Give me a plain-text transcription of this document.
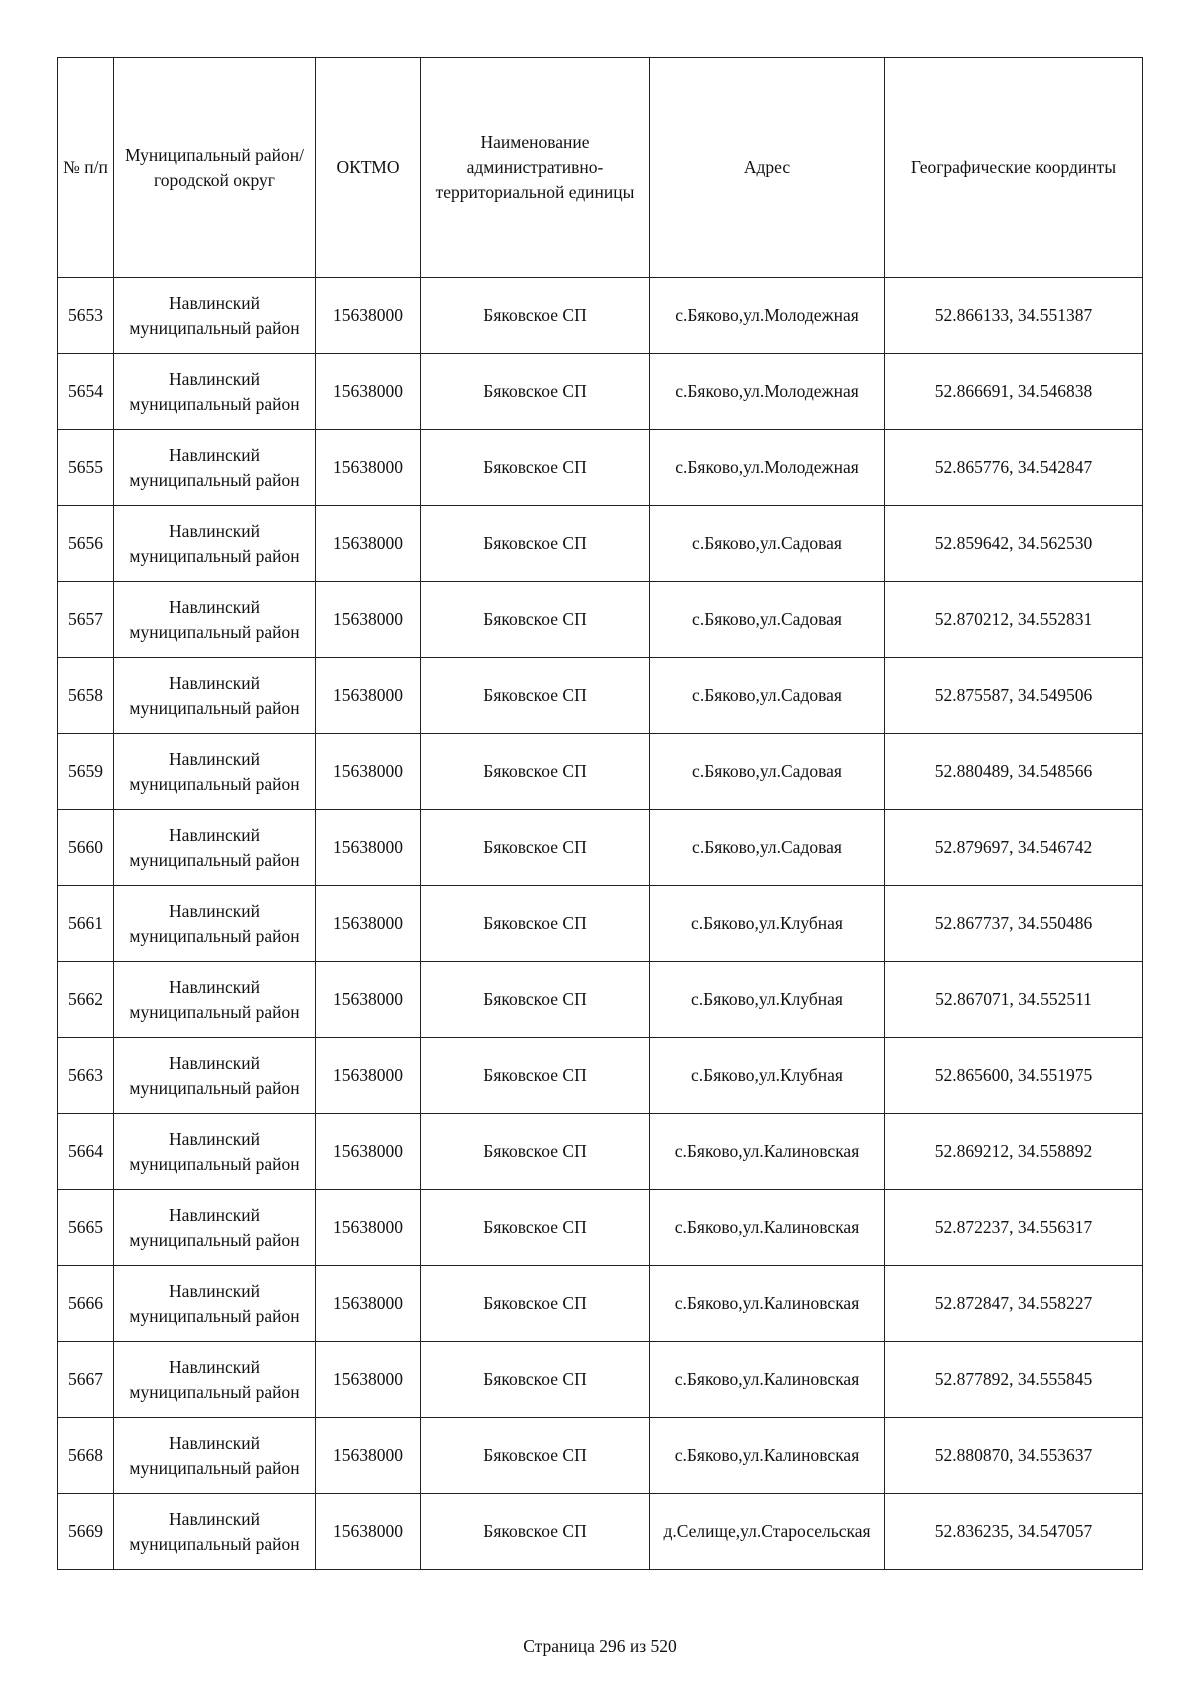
№ п/п	Муниципальный район/городской округ	ОКТМО	Наименование административно-территориальной единицы	Адрес	Географические координты
5653	Навлинский муниципальный район	15638000	Бяковское СП	с.Бяково,ул.Молодежная	52.866133, 34.551387
5654	Навлинский муниципальный район	15638000	Бяковское СП	с.Бяково,ул.Молодежная	52.866691, 34.546838
5655	Навлинский муниципальный район	15638000	Бяковское СП	с.Бяково,ул.Молодежная	52.865776, 34.542847
5656	Навлинский муниципальный район	15638000	Бяковское СП	с.Бяково,ул.Садовая	52.859642, 34.562530
5657	Навлинский муниципальный район	15638000	Бяковское СП	с.Бяково,ул.Садовая	52.870212, 34.552831
5658	Навлинский муниципальный район	15638000	Бяковское СП	с.Бяково,ул.Садовая	52.875587, 34.549506
5659	Навлинский муниципальный район	15638000	Бяковское СП	с.Бяково,ул.Садовая	52.880489, 34.548566
5660	Навлинский муниципальный район	15638000	Бяковское СП	с.Бяково,ул.Садовая	52.879697, 34.546742
5661	Навлинский муниципальный район	15638000	Бяковское СП	с.Бяково,ул.Клубная	52.867737, 34.550486
5662	Навлинский муниципальный район	15638000	Бяковское СП	с.Бяково,ул.Клубная	52.867071, 34.552511
5663	Навлинский муниципальный район	15638000	Бяковское СП	с.Бяково,ул.Клубная	52.865600, 34.551975
5664	Навлинский муниципальный район	15638000	Бяковское СП	с.Бяково,ул.Калиновская	52.869212, 34.558892
5665	Навлинский муниципальный район	15638000	Бяковское СП	с.Бяково,ул.Калиновская	52.872237, 34.556317
5666	Навлинский муниципальный район	15638000	Бяковское СП	с.Бяково,ул.Калиновская	52.872847, 34.558227
5667	Навлинский муниципальный район	15638000	Бяковское СП	с.Бяково,ул.Калиновская	52.877892, 34.555845
5668	Навлинский муниципальный район	15638000	Бяковское СП	с.Бяково,ул.Калиновская	52.880870, 34.553637
5669	Навлинский муниципальный район	15638000	Бяковское СП	д.Селище,ул.Старосельская	52.836235, 34.547057
Страница 296 из 520
